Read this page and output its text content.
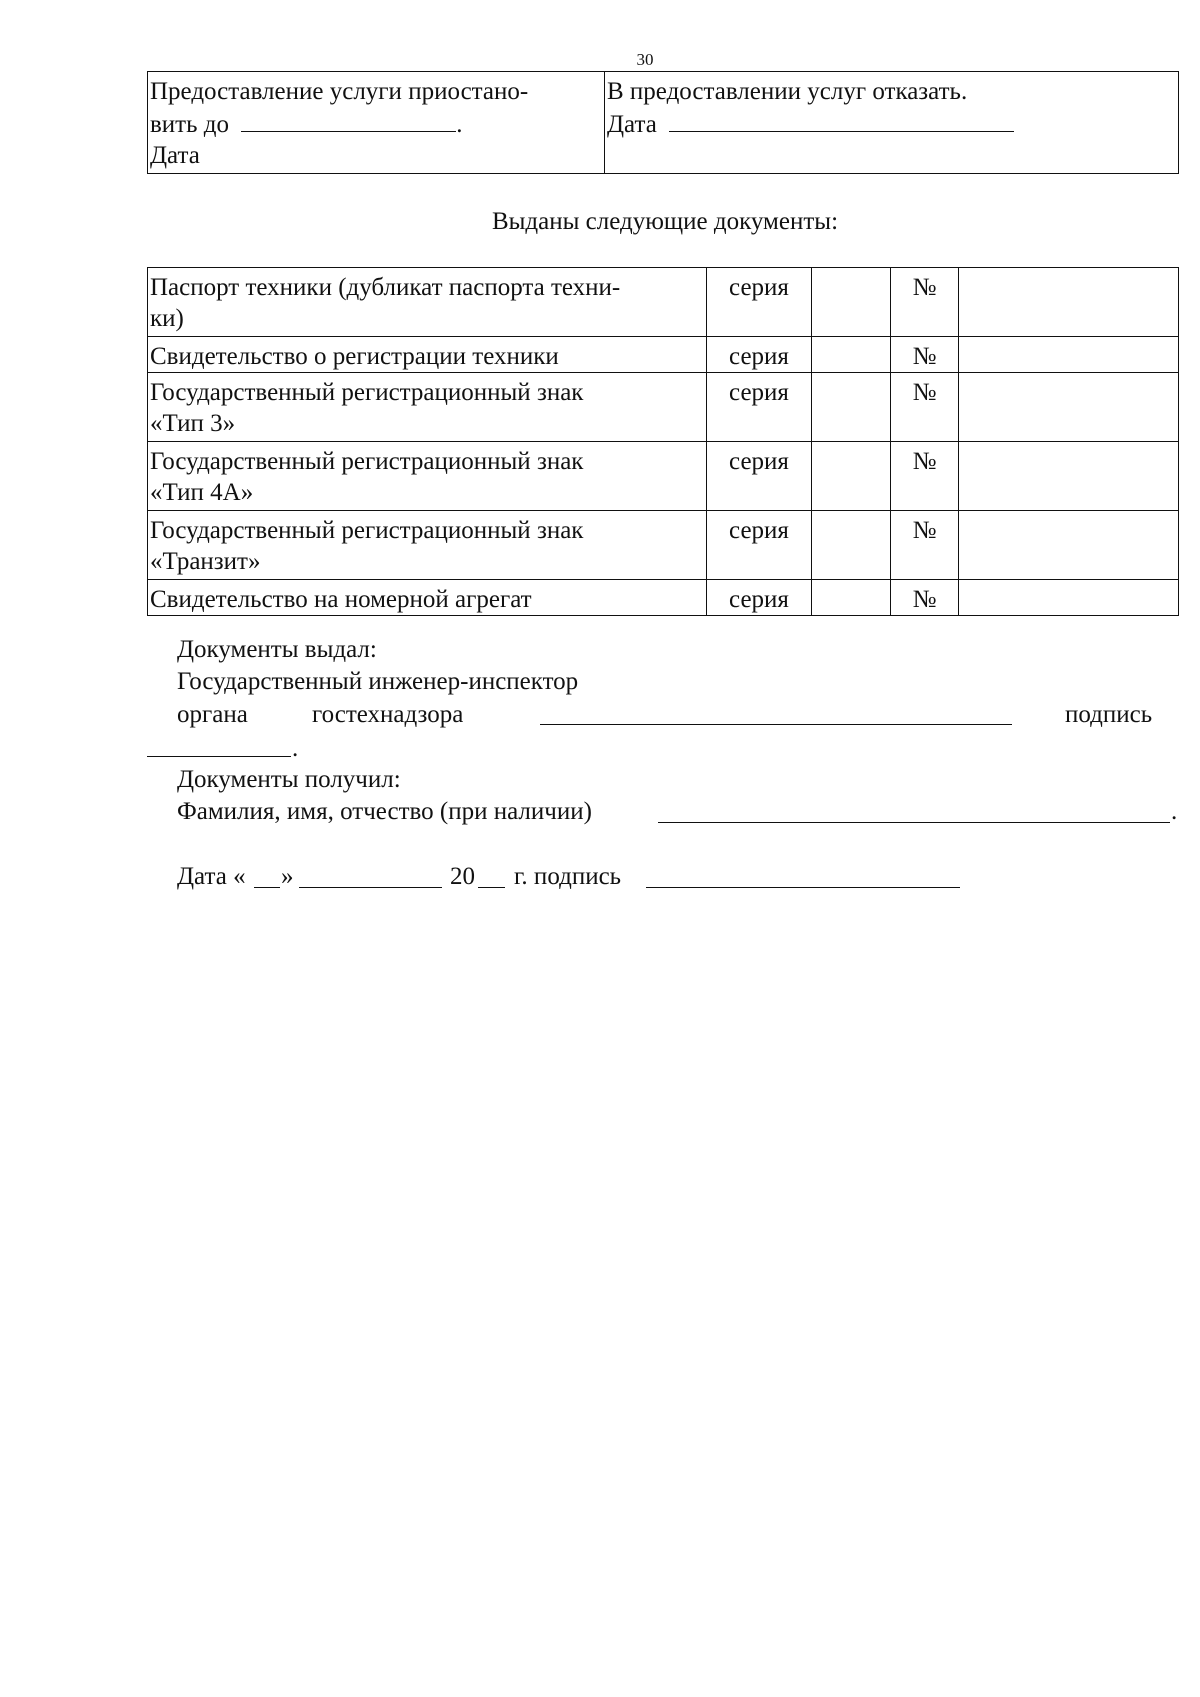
30
Предоставление услуги приостано-
вить до	.
Дата

В предоставлении услуг отказать.
Дата
Выданы следующие документы:
Паспорт техники (дубликат паспорта техни-
ки)	серия		№	

Свидетельство о регистрации техники	серия		№	

Государственный регистрационный знак
«Тип 3»	серия		№	

Государственный регистрационный знак
«Тип 4А»	серия		№	

Государственный регистрационный знак
«Транзит»	серия		№	

Свидетельство на номерной агрегат	серия		№	
Документы выдал:
Государственный инженер-инспектор
органа	гостехнадзора	подпись
.
Документы получил:
Фамилия, имя, отчество (при наличии)	.
Дата « »	20 г. подпись
